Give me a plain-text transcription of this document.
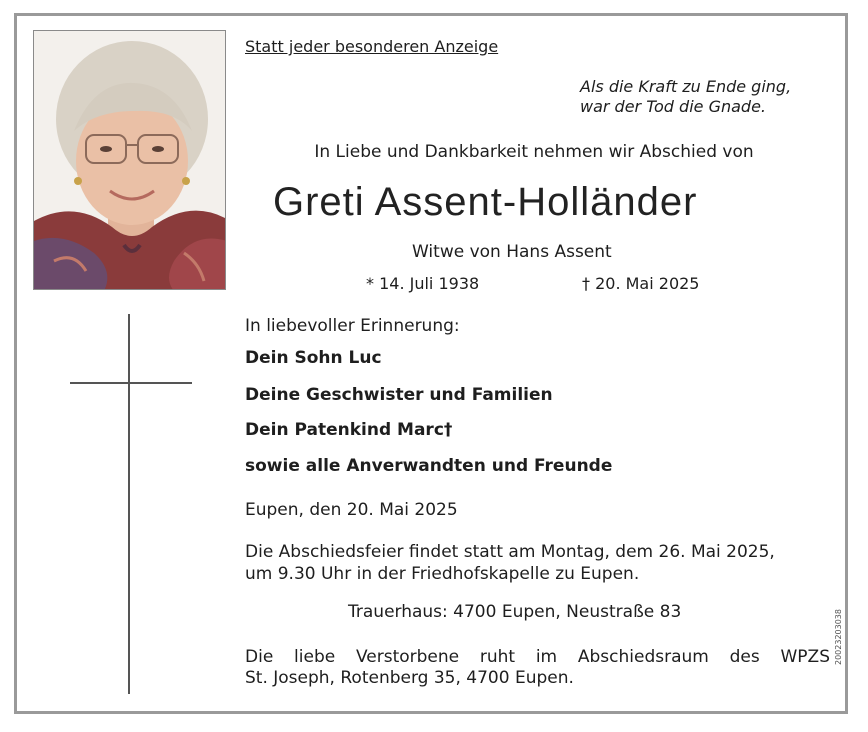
Statt jeder besonderen Anzeige
Als die Kraft zu Ende ging,
war der Tod die Gnade.
In Liebe und Dankbarkeit nehmen wir Abschied von
Greti Assent-Holländer
Witwe von Hans Assent
* 14. Juli 1938	† 20. Mai 2025
In liebevoller Erinnerung:
Dein Sohn Luc
Deine Geschwister und Familien
Dein Patenkind Marc†
sowie alle Anverwandten und Freunde
Eupen, den 20. Mai 2025
Die Abschiedsfeier findet statt am Montag, dem 26. Mai 2025,
um 9.30 Uhr in der Friedhofskapelle zu Eupen.
Trauerhaus: 4700 Eupen, Neustraße 83
Die liebe Verstorbene ruht im Abschiedsraum des WPZS
St. Joseph, Rotenberg 35, 4700 Eupen.
20023203038
